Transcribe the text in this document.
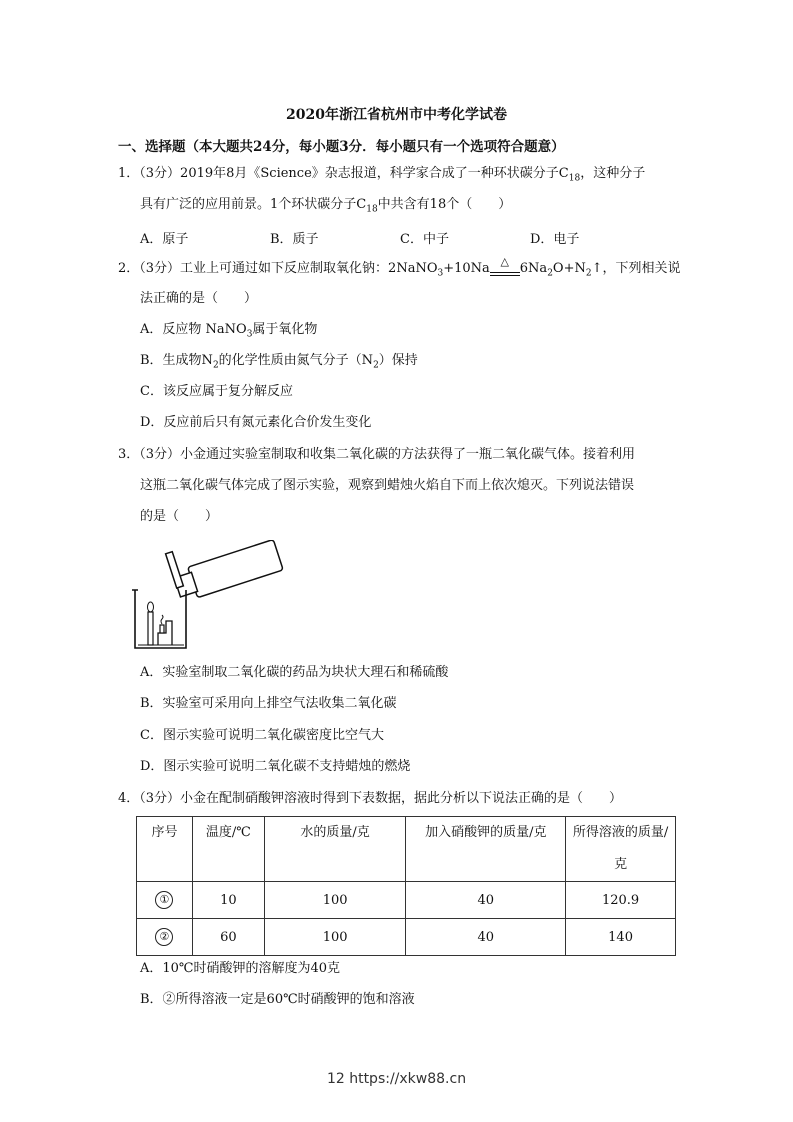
2020年浙江省杭州市中考化学试卷
一、选择题（本大题共24分，每小题3分．每小题只有一个选项符合题意）
1．（3分）2019年8月《Science》杂志报道，科学家合成了一种环状碳分子$C_{18}$，这种分子
具有广泛的应用前景。1个环状碳分子$C_{18}$中共含有18个（　　）
A．原子	B．质子	C．中子	D．电子
2．（3分）工业上可通过如下反应制取氧化钠：2NaNO$_3$+10Na △ $6Na_2O+N_2↑$，下列相关说
法正确的是（　　）
A．反应物 NaNO$_3$属于氧化物
B．生成物$N_2$的化学性质由氮气分子$(N_2)$保持
C．该反应属于复分解反应
D．反应前后只有氮元素化合价发生变化
3．（3分）小金通过实验室制取和收集二氧化碳的方法获得了一瓶二氧化碳气体。接着利用
这瓶二氧化碳气体完成了图示实验，观察到蜡烛火焰自下而上依次熄灭。下列说法错误
的是（　　）
A．实验室制取二氧化碳的药品为块状大理石和稀硫酸
B．实验室可采用向上排空气法收集二氧化碳
C．图示实验可说明二氧化碳密度比空气大
D．图示实验可说明二氧化碳不支持蜡烛的燃烧
4．（3分）小金在配制硝酸钾溶液时得到下表数据，据此分析以下说法正确的是（　　）
序号	温度/℃	水的质量/克	加入硝酸钾的质量/克	所得溶液的质量/
克

①	10	100	40	120.9
②	60	100	40	140
A．10℃时硝酸钾的溶解度为40克
B．②所得溶液一定是60℃时硝酸钾的饱和溶液
12 https://xkw88.cn
